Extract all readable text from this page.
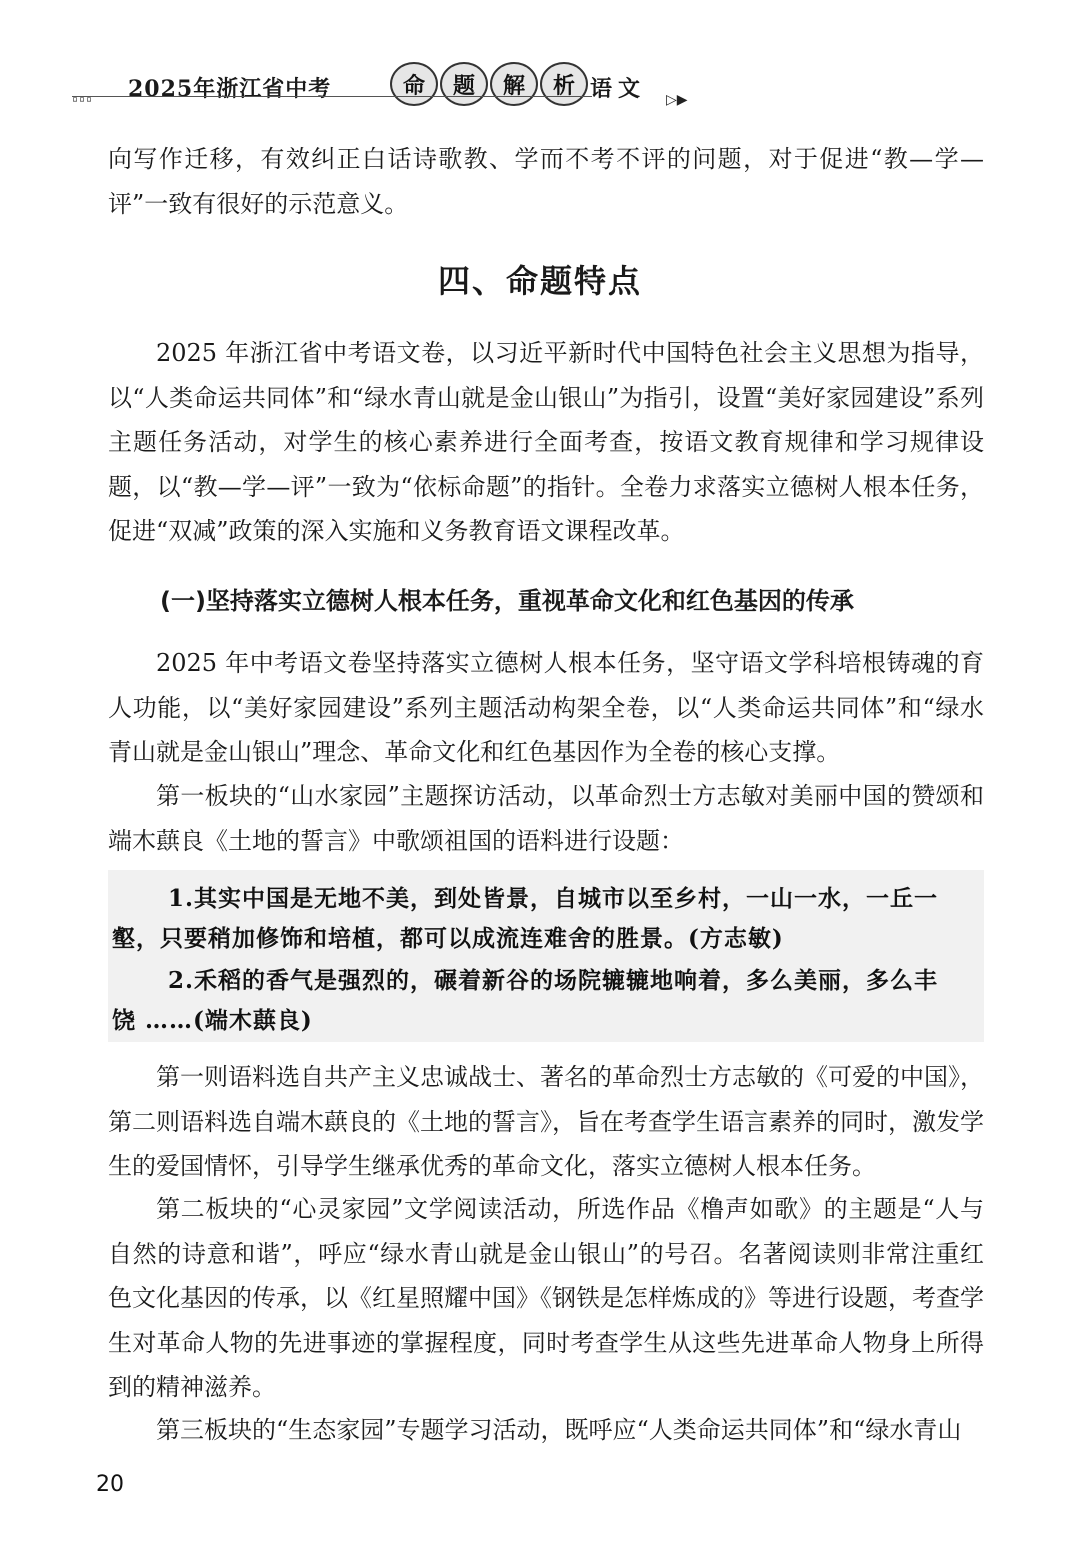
▫▫▫ 2025年浙江省中考	命	题	解	析 语文 ▷▶

向写作迁移，有效纠正白话诗歌教、学而不考不评的问题，对于促进“教—学—评”一致有很好的示范意义。

四、命题特点

2025 年浙江省中考语文卷，以习近平新时代中国特色社会主义思想为指导，以“人类命运共同体”和“绿水青山就是金山银山”为指引，设置“美好家园建设”系列主题任务活动，对学生的核心素养进行全面考查，按语文教育规律和学习规律设题，以“教—学—评”一致为“依标命题”的指针。全卷力求落实立德树人根本任务，促进“双减”政策的深入实施和义务教育语文课程改革。

(一)坚持落实立德树人根本任务，重视革命文化和红色基因的传承

2025 年中考语文卷坚持落实立德树人根本任务，坚守语文学科培根铸魂的育人功能，以“美好家园建设”系列主题活动构架全卷，以“人类命运共同体”和“绿水青山就是金山银山”理念、革命文化和红色基因作为全卷的核心支撑。

第一板块的“山水家园”主题探访活动，以革命烈士方志敏对美丽中国的赞颂和端木蕻良《土地的誓言》中歌颂祖国的语料进行设题：

1.其实中国是无地不美，到处皆景，自城市以至乡村，一山一水，一丘一
壑，只要稍加修饰和培植，都可以成流连难舍的胜景。(方志敏)
2.禾稻的香气是强烈的，碾着新谷的场院辘辘地响着，多么美丽，多么丰
饶 ……(端木蕻良)

第一则语料选自共产主义忠诚战士、著名的革命烈士方志敏的《可爱的中国》，第二则语料选自端木蕻良的《土地的誓言》，旨在考查学生语言素养的同时，激发学生的爱国情怀，引导学生继承优秀的革命文化，落实立德树人根本任务。

第二板块的“心灵家园”文学阅读活动，所选作品《橹声如歌》的主题是“人与自然的诗意和谐”，呼应“绿水青山就是金山银山”的号召。名著阅读则非常注重红色文化基因的传承，以《红星照耀中国》《钢铁是怎样炼成的》等进行设题，考查学生对革命人物的先进事迹的掌握程度，同时考查学生从这些先进革命人物身上所得到的精神滋养。

第三板块的“生态家园”专题学习活动，既呼应“人类命运共同体”和“绿水青山

20
